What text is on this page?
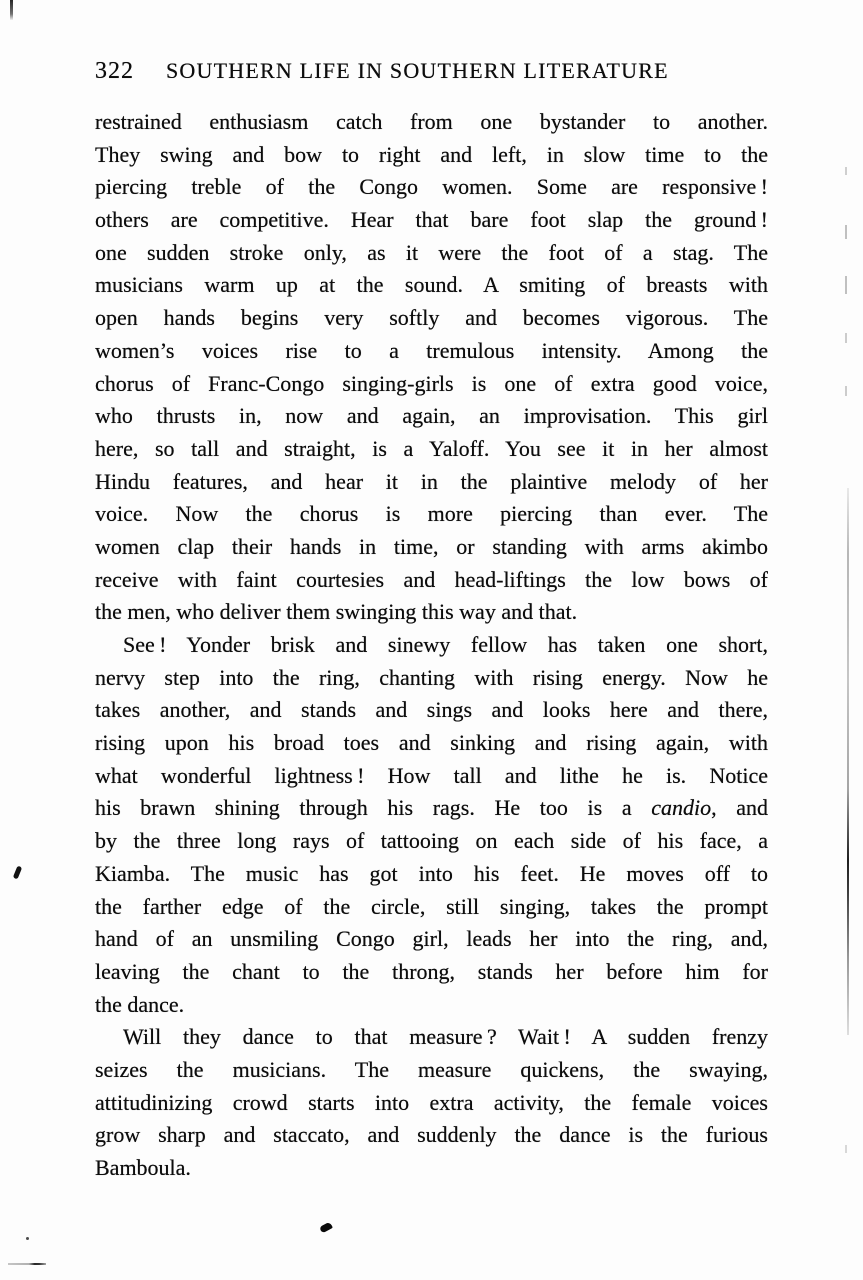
322 SOUTHERN LIFE IN SOUTHERN LITERATURE
restrained enthusiasm catch from one bystander to another.
They swing and bow to right and left, in slow time to the
piercing treble of the Congo women. Some are responsive !
others are competitive. Hear that bare foot slap the ground !
one sudden stroke only, as it were the foot of a stag. The
musicians warm up at the sound. A smiting of breasts with
open hands begins very softly and becomes vigorous. The
women’s voices rise to a tremulous intensity. Among the
chorus of Franc-Congo singing-girls is one of extra good voice,
who thrusts in, now and again, an improvisation. This girl
here, so tall and straight, is a Yaloff. You see it in her almost
Hindu features, and hear it in the plaintive melody of her
voice. Now the chorus is more piercing than ever. The
women clap their hands in time, or standing with arms akimbo
receive with faint courtesies and head-liftings the low bows of
the men, who deliver them swinging this way and that.
See ! Yonder brisk and sinewy fellow has taken one short,
nervy step into the ring, chanting with rising energy. Now he
takes another, and stands and sings and looks here and there,
rising upon his broad toes and sinking and rising again, with
what wonderful lightness ! How tall and lithe he is. Notice
his brawn shining through his rags. He too is a candio, and
by the three long rays of tattooing on each side of his face, a
Kiamba. The music has got into his feet. He moves off to
the farther edge of the circle, still singing, takes the prompt
hand of an unsmiling Congo girl, leads her into the ring, and,
leaving the chant to the throng, stands her before him for
the dance.
Will they dance to that measure ? Wait ! A sudden frenzy
seizes the musicians. The measure quickens, the swaying,
attitudinizing crowd starts into extra activity, the female voices
grow sharp and staccato, and suddenly the dance is the furious
Bamboula.
